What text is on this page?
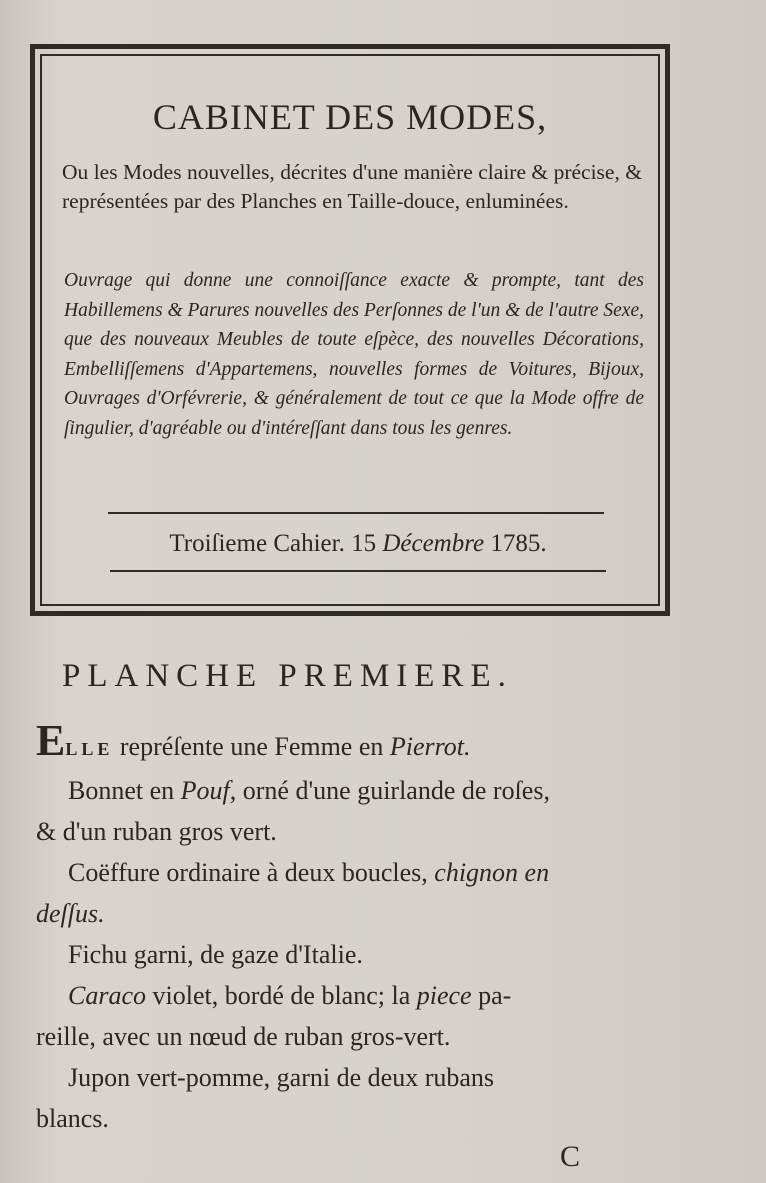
CABINET DES MODES,
Ou les Modes nouvelles, décrites d'une manière claire & précise, & représentées par des Planches en Taille-douce, enluminées.
Ouvrage qui donne une connoiſſance exacte & prompte, tant des Habillemens & Parures nouvelles des Perſonnes de l'un & de l'autre Sexe, que des nouveaux Meubles de toute eſpèce, des nouvelles Décorations, Embelliſſemens d'Appartemens, nouvelles formes de Voitures, Bijoux, Ouvrages d'Orfévrerie, & généralement de tout ce que la Mode offre de ſingulier, d'agréable ou d'intéreſſant dans tous les genres.
Troiſieme Cahier. 15 Décembre 1785.
PLANCHE PREMIERE.
ELLE repréſente une Femme en Pierrot.
Bonnet en Pouf, orné d'une guirlande de roſes,
& d'un ruban gros vert.
Coëffure ordinaire à deux boucles, chignon en
deſſus.
Fichu garni, de gaze d'Italie.
Caraco violet, bordé de blanc; la piece pa-
reille, avec un nœud de ruban gros-vert.
Jupon vert-pomme, garni de deux rubans
blancs.
C
